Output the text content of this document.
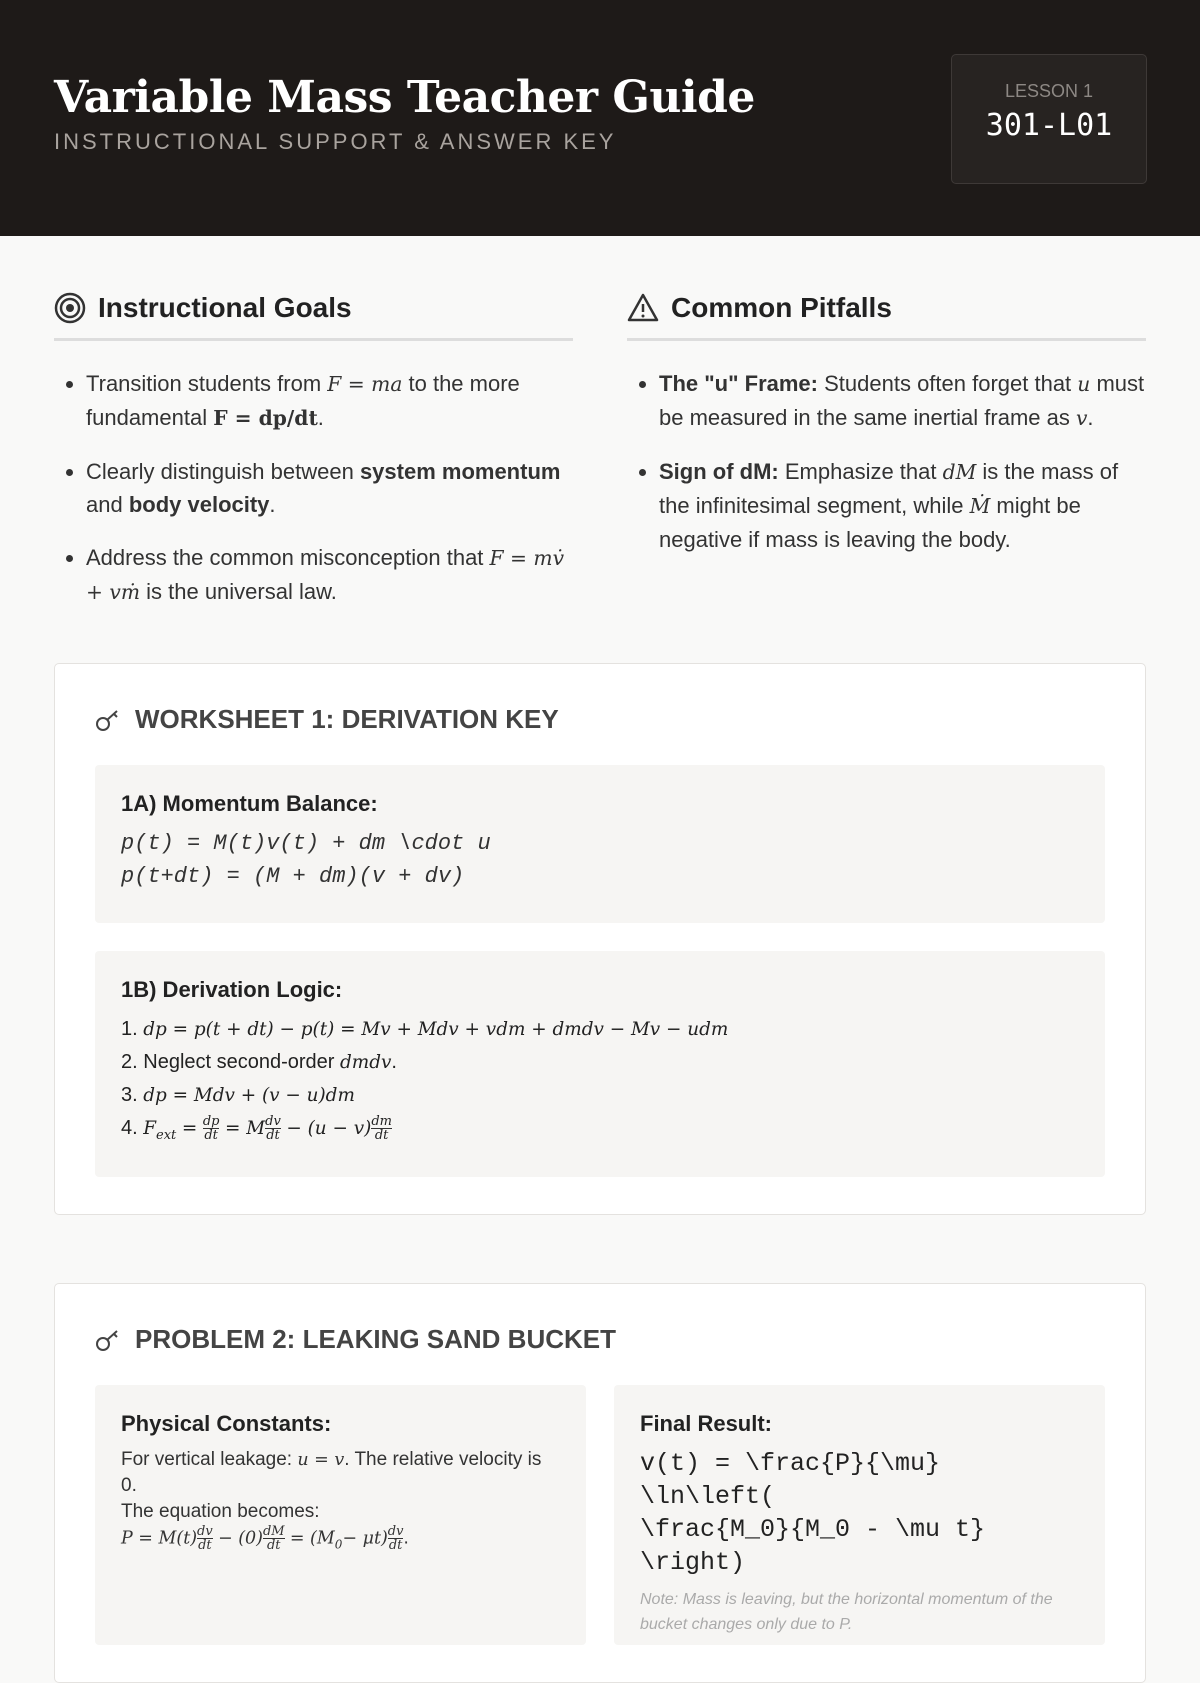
Variable Mass Teacher Guide
INSTRUCTIONAL SUPPORT & ANSWER KEY
LESSON 1
301-L01
Instructional Goals
• Transition students from F = ma to the more fundamental F = dp/dt.
• Clearly distinguish between system momentum and body velocity.
• Address the common misconception that F = mv̇ + vṁ is the universal law.
Common Pitfalls
• The "u" Frame: Students often forget that u must be measured in the same inertial frame as v.
• Sign of dM: Emphasize that dM is the mass of the infinitesimal segment, while Ṁ might be negative if mass is leaving the body.
WORKSHEET 1: DERIVATION KEY
1A) Momentum Balance:
p(t) = M(t)v(t) + dm \cdot u
p(t+dt) = (M + dm)(v + dv)
1B) Derivation Logic:
1. dp = p(t + dt) − p(t) = Mv + Mdv + vdm + dmdv − Mv − udm
2. Neglect second-order dmdv.
3. dp = Mdv + (v − u)dm
4. $F_{ext} = \frac{dp}{dt} = M \frac{dv}{dt} - (u - v) \frac{dm}{dt}$
PROBLEM 2: LEAKING SAND BUCKET
Physical Constants:
For vertical leakage: u = v. The relative velocity is 0.
The equation becomes:
$P = M(t) \frac{dv}{dt} - (0) \frac{dM}{dt} = (M_0- \mu t) \frac{dv}{dt}$ .
Final Result:
v(t) = \frac{P}{\mu} \ln\left(
\frac{M_0}{M_0 - \mu t} \right)
Note: Mass is leaving, but the horizontal momentum of the bucket changes only due to P.
